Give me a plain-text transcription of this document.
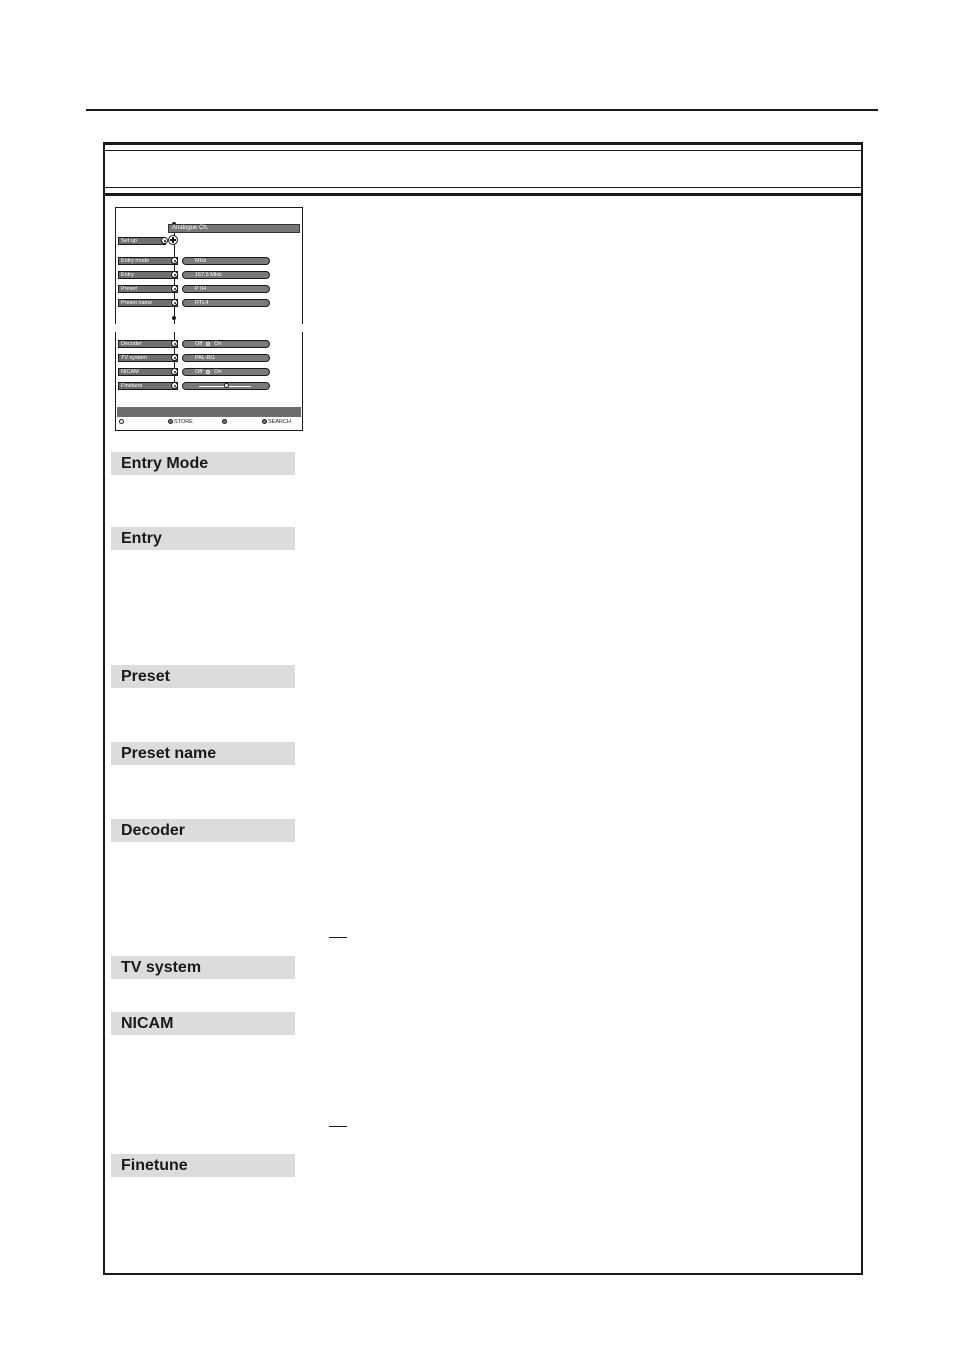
Analogue Ch.
Set up
Entry mode	MHz
Entry	167.5 MHz
Preset	P 04
Preset name	RTL4
Decoder	Off On
TV system	PAL-BG
NICAM	Off On
Finetune
STORE	SEARCH
Entry Mode
Entry
Preset
Preset name
Decoder
TV system
NICAM
Finetune
